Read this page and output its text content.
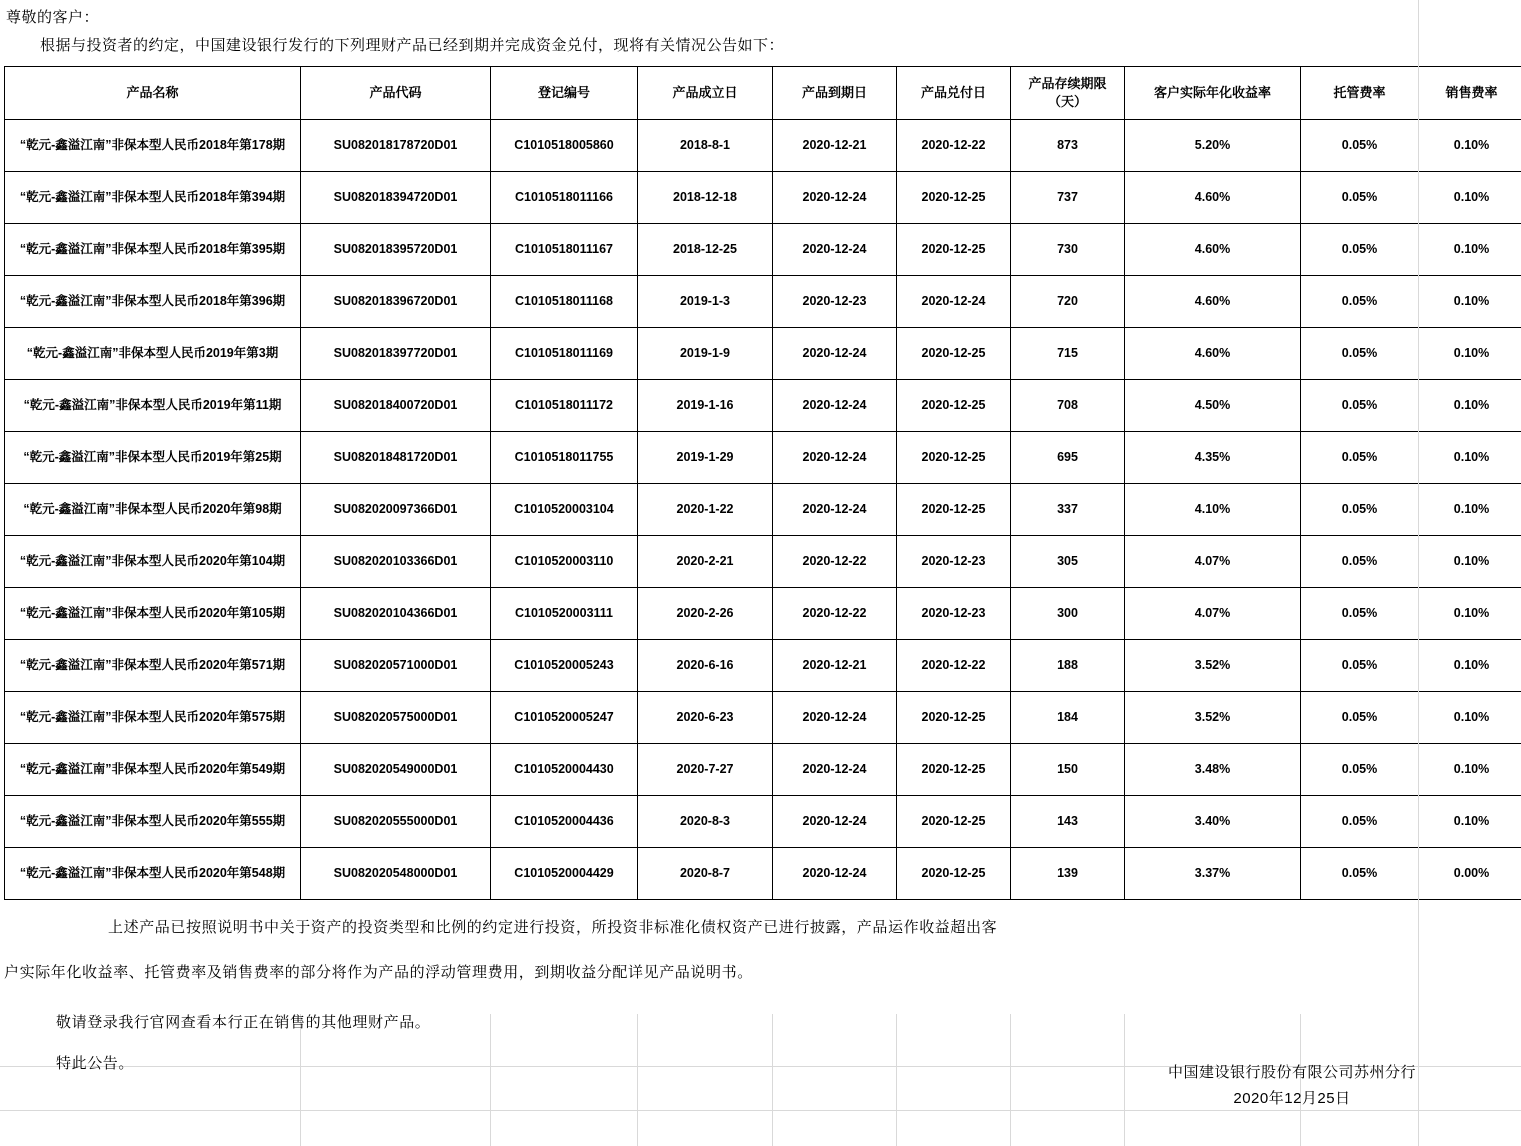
尊敬的客户：
根据与投资者的约定，中国建设银行发行的下列理财产品已经到期并完成资金兑付，现将有关情况公告如下：
产品名称	产品代码	登记编号	产品成立日	产品到期日	产品兑付日	产品存续期限（天）	客户实际年化收益率	托管费率	销售费率
“乾元-鑫溢江南”非保本型人民币2018年第178期	SU082018178720D01	C1010518005860	2018-8-1	2020-12-21	2020-12-22	873	5.20%	0.05%	0.10%
“乾元-鑫溢江南”非保本型人民币2018年第394期	SU082018394720D01	C1010518011166	2018-12-18	2020-12-24	2020-12-25	737	4.60%	0.05%	0.10%
“乾元-鑫溢江南”非保本型人民币2018年第395期	SU082018395720D01	C1010518011167	2018-12-25	2020-12-24	2020-12-25	730	4.60%	0.05%	0.10%
“乾元-鑫溢江南”非保本型人民币2018年第396期	SU082018396720D01	C1010518011168	2019-1-3	2020-12-23	2020-12-24	720	4.60%	0.05%	0.10%
“乾元-鑫溢江南”非保本型人民币2019年第3期	SU082018397720D01	C1010518011169	2019-1-9	2020-12-24	2020-12-25	715	4.60%	0.05%	0.10%
“乾元-鑫溢江南”非保本型人民币2019年第11期	SU082018400720D01	C1010518011172	2019-1-16	2020-12-24	2020-12-25	708	4.50%	0.05%	0.10%
“乾元-鑫溢江南”非保本型人民币2019年第25期	SU082018481720D01	C1010518011755	2019-1-29	2020-12-24	2020-12-25	695	4.35%	0.05%	0.10%
“乾元-鑫溢江南”非保本型人民币2020年第98期	SU082020097366D01	C1010520003104	2020-1-22	2020-12-24	2020-12-25	337	4.10%	0.05%	0.10%
“乾元-鑫溢江南”非保本型人民币2020年第104期	SU082020103366D01	C1010520003110	2020-2-21	2020-12-22	2020-12-23	305	4.07%	0.05%	0.10%
“乾元-鑫溢江南”非保本型人民币2020年第105期	SU082020104366D01	C1010520003111	2020-2-26	2020-12-22	2020-12-23	300	4.07%	0.05%	0.10%
“乾元-鑫溢江南”非保本型人民币2020年第571期	SU082020571000D01	C1010520005243	2020-6-16	2020-12-21	2020-12-22	188	3.52%	0.05%	0.10%
“乾元-鑫溢江南”非保本型人民币2020年第575期	SU082020575000D01	C1010520005247	2020-6-23	2020-12-24	2020-12-25	184	3.52%	0.05%	0.10%
“乾元-鑫溢江南”非保本型人民币2020年第549期	SU082020549000D01	C1010520004430	2020-7-27	2020-12-24	2020-12-25	150	3.48%	0.05%	0.10%
“乾元-鑫溢江南”非保本型人民币2020年第555期	SU082020555000D01	C1010520004436	2020-8-3	2020-12-24	2020-12-25	143	3.40%	0.05%	0.10%
“乾元-鑫溢江南”非保本型人民币2020年第548期	SU082020548000D01	C1010520004429	2020-8-7	2020-12-24	2020-12-25	139	3.37%	0.05%	0.00%
上述产品已按照说明书中关于资产的投资类型和比例的约定进行投资，所投资非标准化债权资产已进行披露，产品运作收益超出客
户实际年化收益率、托管费率及销售费率的部分将作为产品的浮动管理费用，到期收益分配详见产品说明书。
敬请登录我行官网查看本行正在销售的其他理财产品。
特此公告。
中国建设银行股份有限公司苏州分行
2020年12月25日
